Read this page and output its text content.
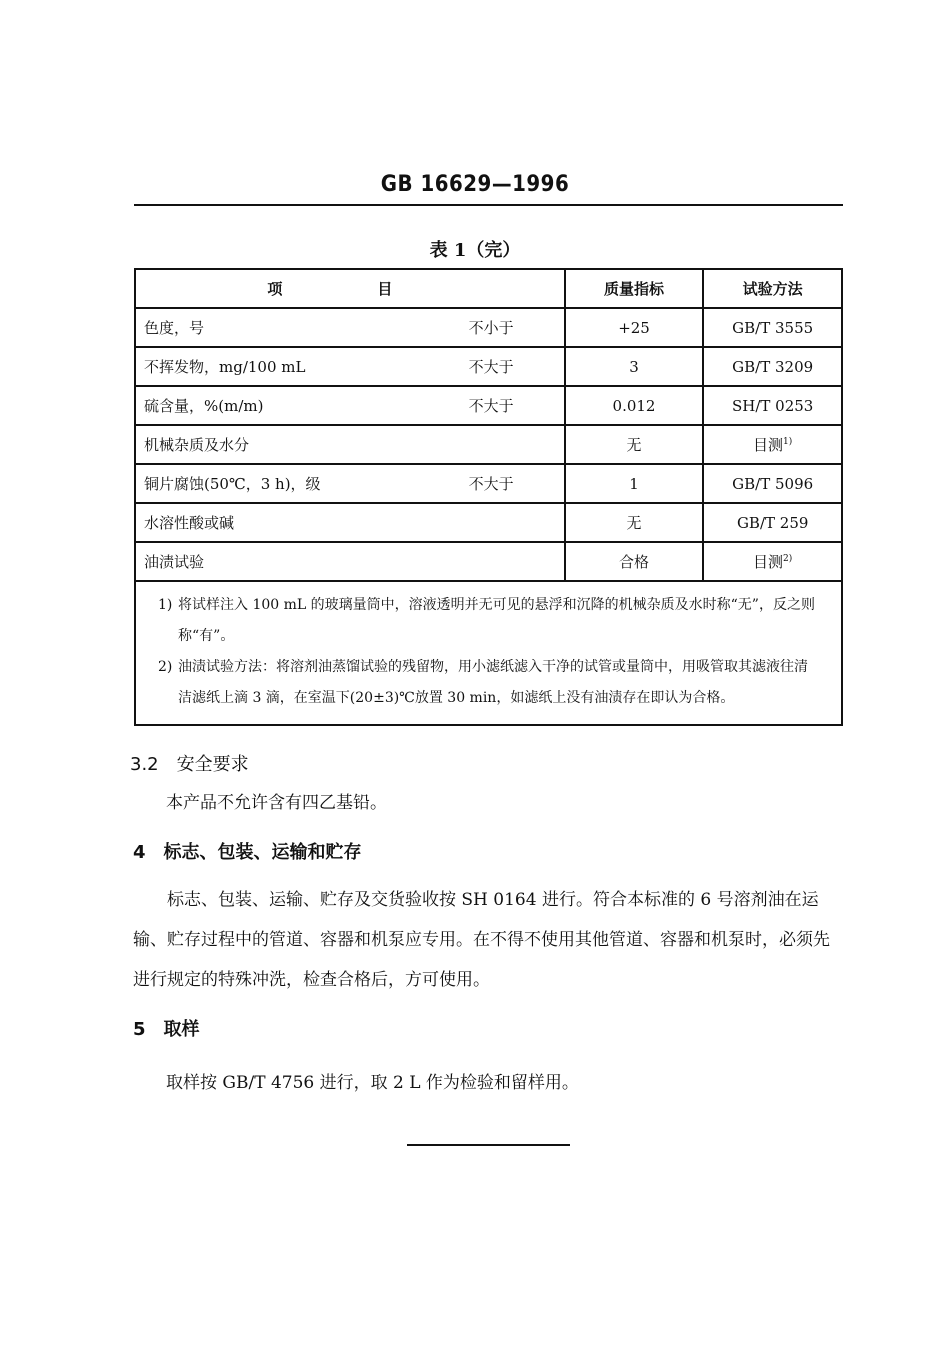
GB 16629—1996
表 1（完）
项　目	质量指标	试验方法

色度，号 不小于	+25	GB/T 3555

不挥发物，mg/100 mL 不大于	3	GB/T 3209

硫含量，%(m/m) 不大于	0.012	SH/T 0253

机械杂质及水分	无	目测$^{1)}$

铜片腐蚀(50℃，3 h)，级 不大于	1	GB/T 5096

水溶性酸或碱	无	GB/T 259

油渍试验	合格	目测$^{2)}$

1) 将试样注入 100 mL 的玻璃量筒中，溶液透明并无可见的悬浮和沉降的机械杂质及水时称“无”，反之则称“有”。
2) 油渍试验方法：将溶剂油蒸馏试验的残留物，用小滤纸滤入干净的试管或量筒中，用吸管取其滤液往清洁滤纸上滴 3 滴，在室温下(20±3)℃放置 30 min，如滤纸上没有油渍存在即认为合格。		
3.2 安全要求
本产品不允许含有四乙基铅。
4 标志、包装、运输和贮存
标志、包装、运输、贮存及交货验收按 SH 0164 进行。符合本标准的 6 号溶剂油在运输、贮存过程中的管道、容器和机泵应专用。在不得不使用其他管道、容器和机泵时，必须先进行规定的特殊冲洗，检查合格后，方可使用。
5 取样
取样按 GB/T 4756 进行，取 2 L 作为检验和留样用。
